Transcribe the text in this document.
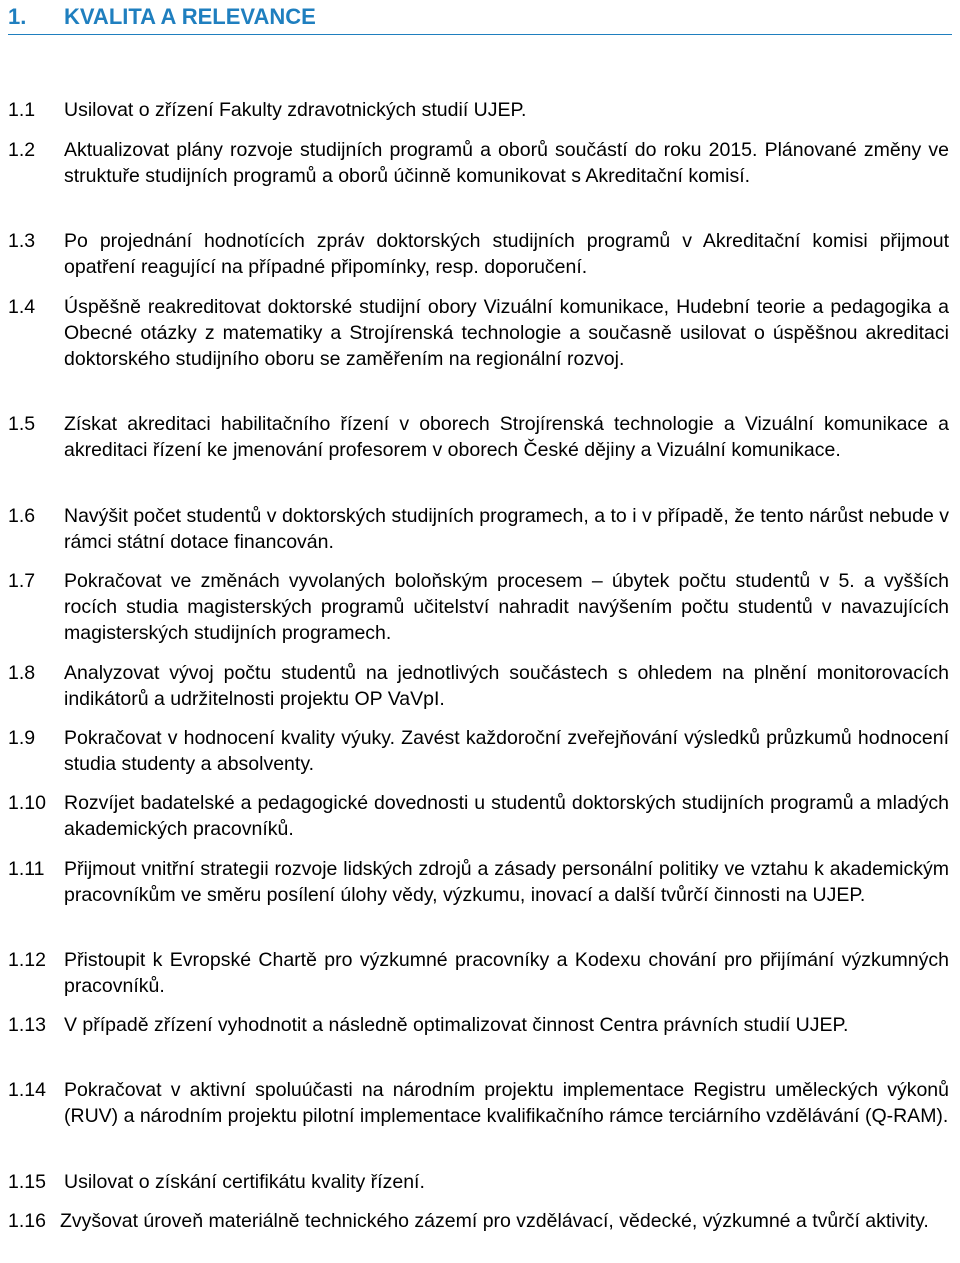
1.	KVALITA A RELEVANCE
1.1	Usilovat o zřízení Fakulty zdravotnických studií UJEP.
1.2	Aktualizovat plány rozvoje studijních programů a oborů součástí do roku 2015. Plánované změny ve struktuře studijních programů a oborů účinně komunikovat s Akreditační komisí.
1.3	Po projednání hodnotících zpráv doktorských studijních programů v Akreditační komisi přijmout opatření reagující na případné připomínky, resp. doporučení.
1.4	Úspěšně reakreditovat doktorské studijní obory Vizuální komunikace, Hudební teorie a pedagogika a Obecné otázky z matematiky a Strojírenská technologie a současně usilovat o úspěšnou akreditaci doktorského studijního oboru se zaměřením na regionální rozvoj.
1.5	Získat akreditaci habilitačního řízení v oborech Strojírenská technologie a Vizuální komunikace a akreditaci řízení ke jmenování profesorem v oborech České dějiny a Vizuální komunikace.
1.6	Navýšit počet studentů v doktorských studijních programech, a to i v případě, že tento nárůst nebude v rámci státní dotace financován.
1.7	Pokračovat ve změnách vyvolaných boloňským procesem – úbytek počtu studentů v 5. a vyšších rocích studia magisterských programů učitelství nahradit navýšením počtu studentů v navazujících magisterských studijních programech.
1.8	Analyzovat vývoj počtu studentů na jednotlivých součástech s ohledem na plnění monitorovacích indikátorů a udržitelnosti projektu OP VaVpI.
1.9	Pokračovat v hodnocení kvality výuky. Zavést každoroční zveřejňování výsledků průzkumů hodnocení studia studenty a absolventy.
1.10 Rozvíjet badatelské a pedagogické dovednosti u studentů doktorských studijních programů a mladých akademických pracovníků.
1.11 Přijmout vnitřní strategii rozvoje lidských zdrojů a zásady personální politiky ve vztahu k akademickým pracovníkům ve směru posílení úlohy vědy, výzkumu, inovací a další tvůrčí činnosti na UJEP.
1.12 Přistoupit k Evropské Chartě pro výzkumné pracovníky a Kodexu chování pro přijímání výzkumných pracovníků.
1.13 V případě zřízení vyhodnotit a následně optimalizovat činnost Centra právních studií UJEP.
1.14 Pokračovat v aktivní spoluúčasti na národním projektu implementace Registru uměleckých výkonů (RUV) a národním projektu pilotní implementace kvalifikačního rámce terciárního vzdělávání (Q-RAM).
1.15 Usilovat o získání certifikátu kvality řízení.
1.16 Zvyšovat úroveň materiálně technického zázemí pro vzdělávací, vědecké, výzkumné a tvůrčí aktivity.
